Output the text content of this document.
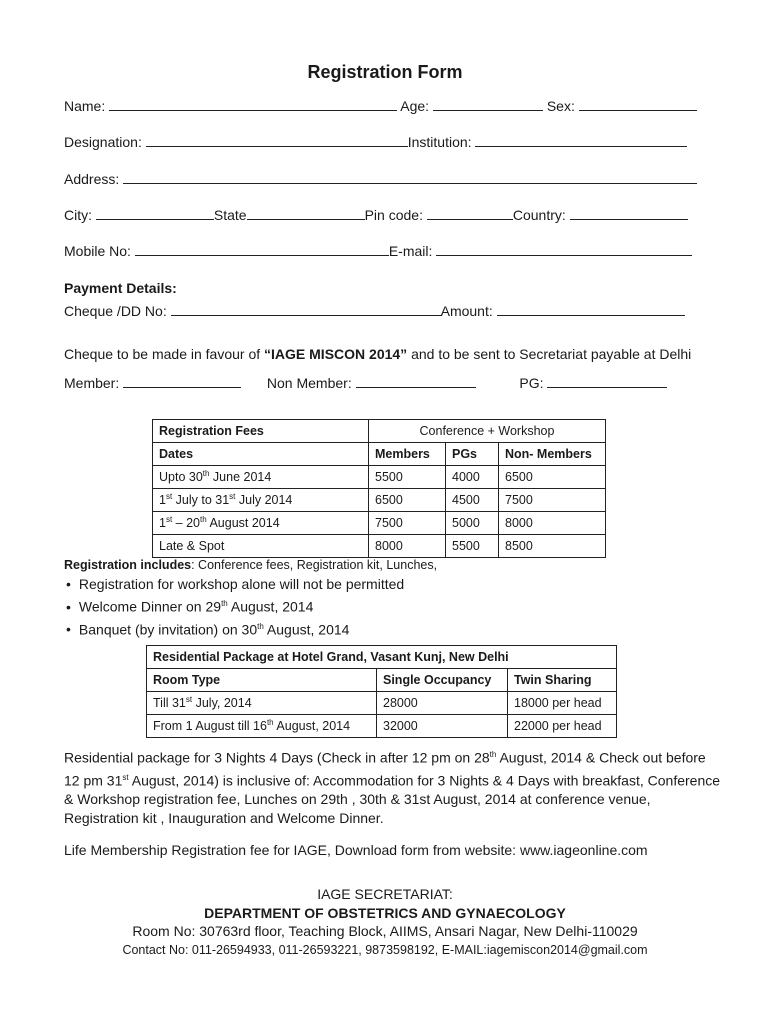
Registration Form
Name:	Age:	Sex:
Designation:	Institution:
Address:
City:	State	Pin code:	Country:
Mobile No:	E-mail:
Payment Details:
Cheque /DD No:	Amount:
Cheque to be made in favour of “IAGE MISCON 2014” and to be sent to Secretariat payable at Delhi
Member:	Non Member:	PG:
Registration Fees	Conference + Workshop		
Dates	Members	PGs	Non- Members
Upto 30th June 2014	5500	4000	6500
1st July to 31st July 2014	6500	4500	7500
1st – 20th August 2014	7500	5000	8000
Late & Spot	8000	5500	8500
Registration includes: Conference fees, Registration kit, Lunches,
• Registration for workshop alone will not be permitted
• Welcome Dinner on 29th August, 2014
• Banquet (by invitation) on 30th August, 2014
Residential Package at Hotel Grand, Vasant Kunj, New Delhi		
Room Type	Single Occupancy	Twin Sharing
Till 31st July, 2014	28000	18000 per head
From 1 August till 16th August, 2014	32000	22000 per head
Residential package for 3 Nights 4 Days (Check in after 12 pm on 28th August, 2014 & Check out before 12 pm 31st August, 2014) is inclusive of: Accommodation for 3 Nights & 4 Days with breakfast, Conference & Workshop registration fee, Lunches on 29th , 30th & 31st August, 2014 at conference venue, Registration kit , Inauguration and Welcome Dinner.
Life Membership Registration fee for IAGE, Download form from website: www.iageonline.com
IAGE SECRETARIAT:
DEPARTMENT OF OBSTETRICS AND GYNAECOLOGY
Room No: 30763rd floor, Teaching Block, AIIMS, Ansari Nagar, New Delhi-110029
Contact No: 011-26594933, 011-26593221, 9873598192, E-MAIL:iagemiscon2014@gmail.com
